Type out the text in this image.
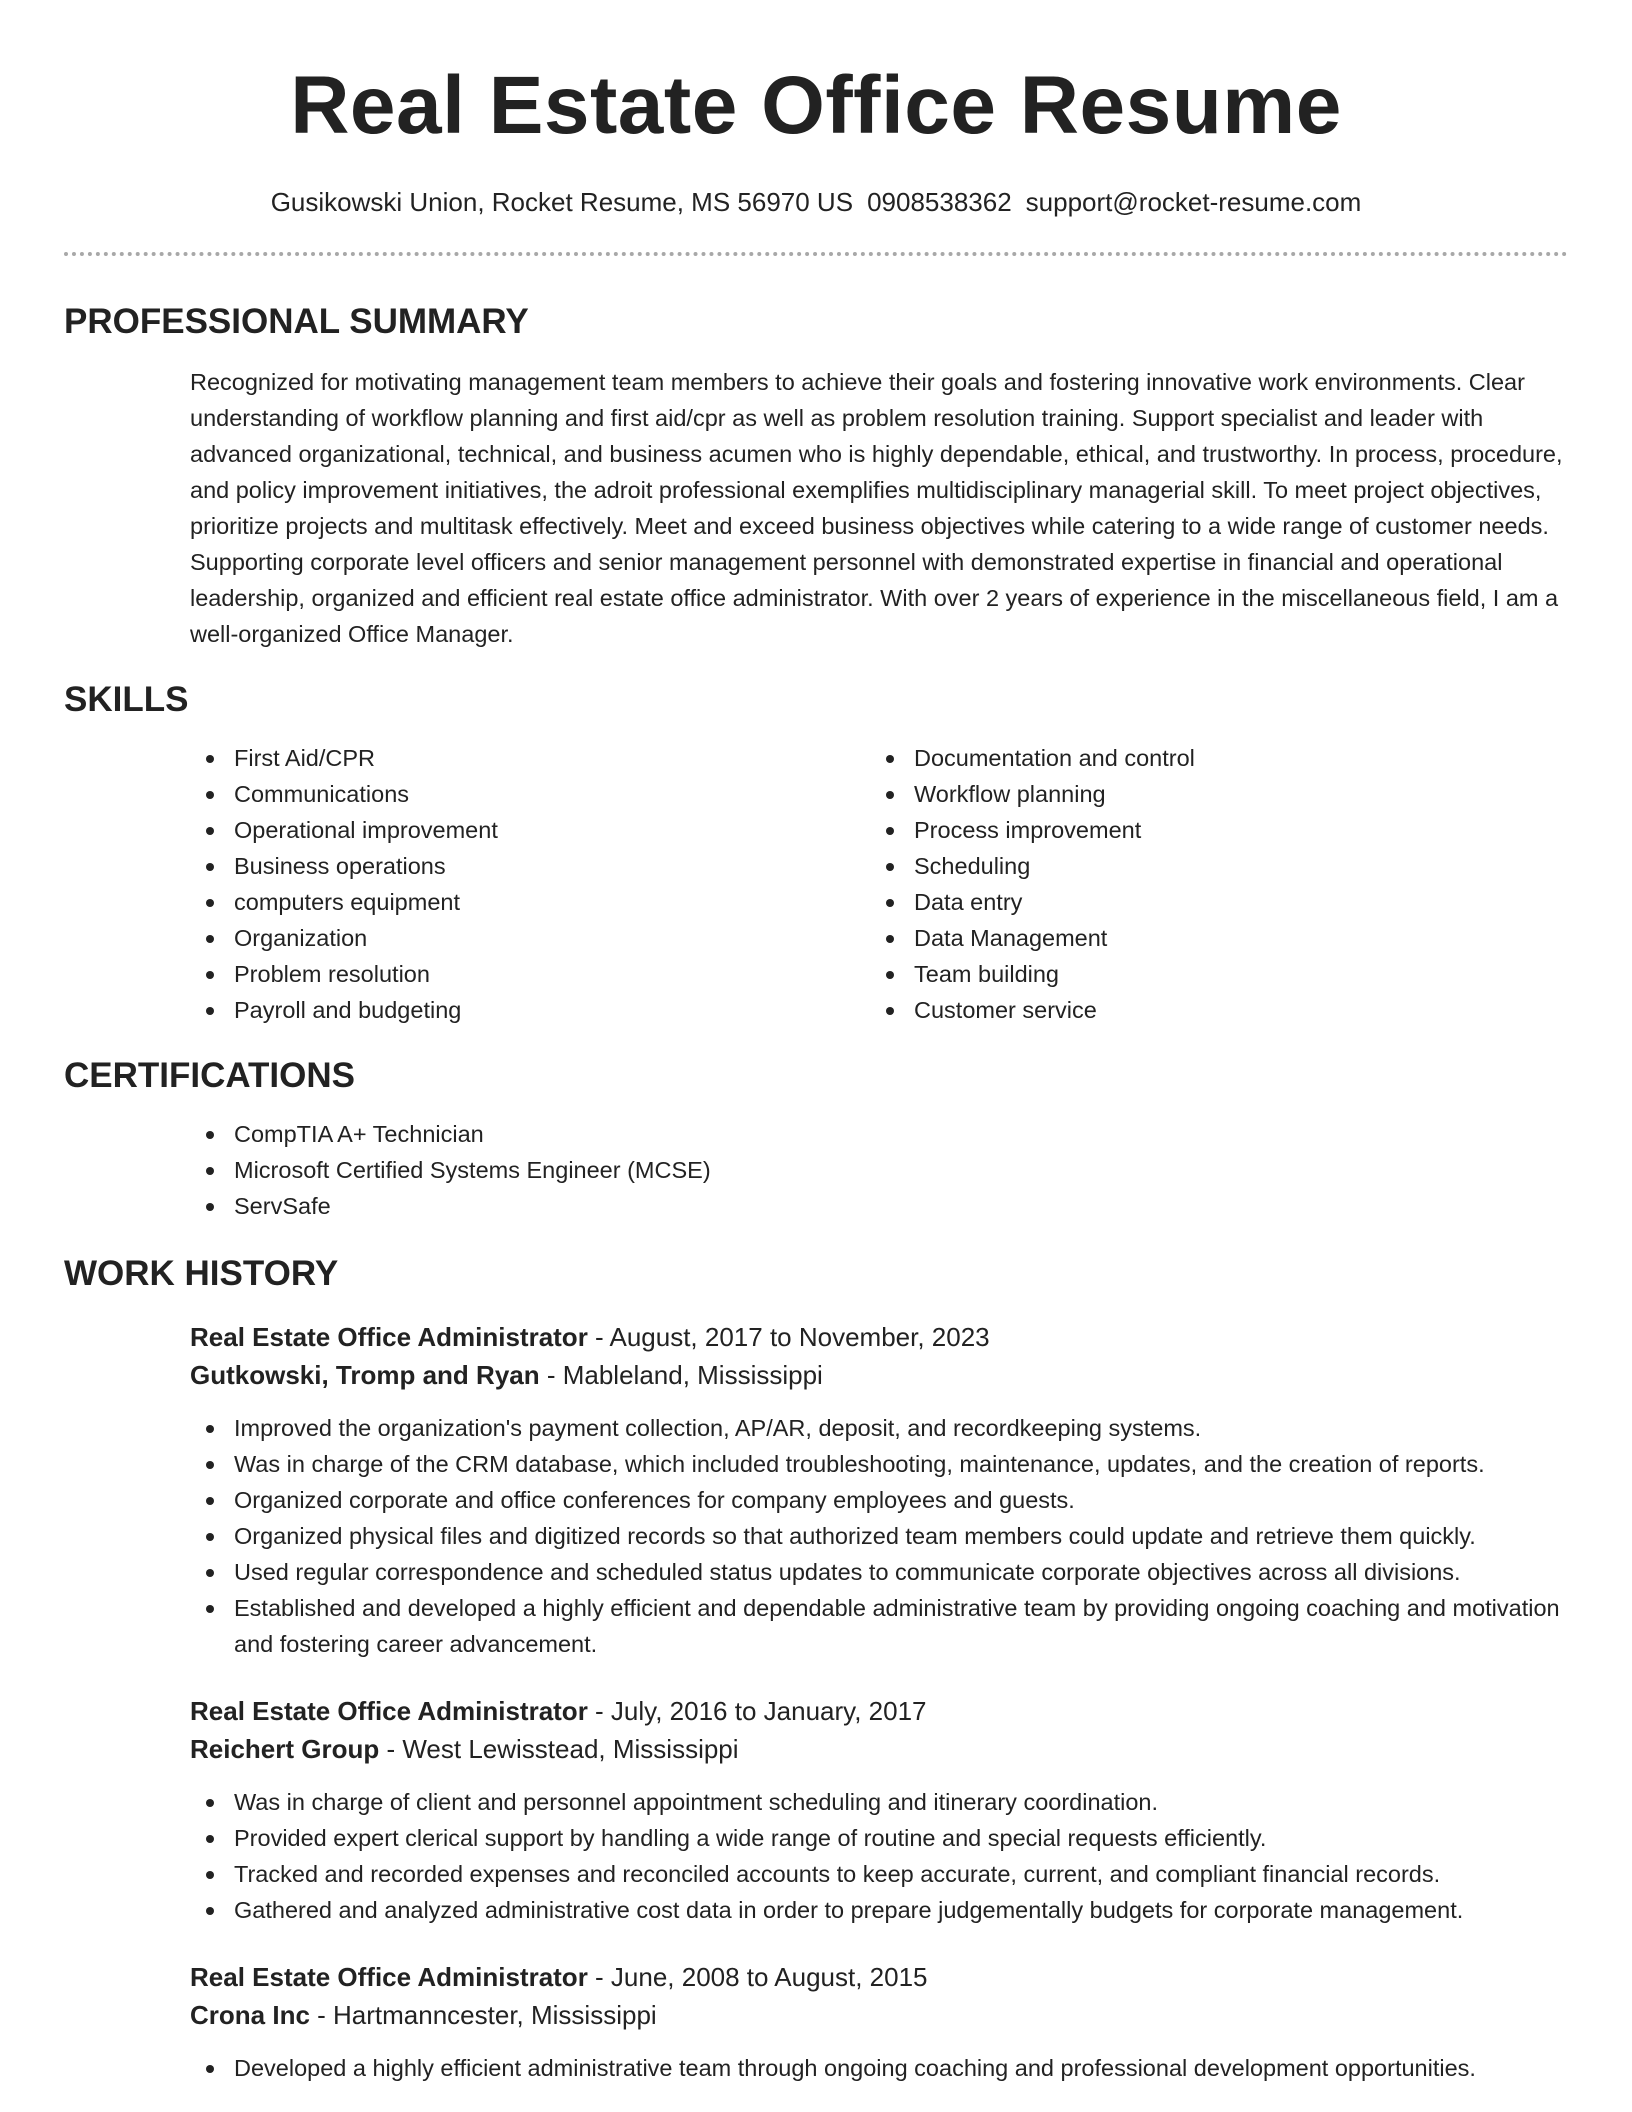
Real Estate Office Resume
Gusikowski Union, Rocket Resume, MS 56970 US 0908538362 support@rocket-resume.com
PROFESSIONAL SUMMARY

Recognized for motivating management team members to achieve their goals and fostering innovative work environments. Clear understanding of workflow planning and first aid/cpr as well as problem resolution training. Support specialist and leader with advanced organizational, technical, and business acumen who is highly dependable, ethical, and trustworthy. In process, procedure, and policy improvement initiatives, the adroit professional exemplifies multidisciplinary managerial skill. To meet project objectives, prioritize projects and multitask effectively. Meet and exceed business objectives while catering to a wide range of customer needs. Supporting corporate level officers and senior management personnel with demonstrated expertise in financial and operational leadership, organized and efficient real estate office administrator. With over 2 years of experience in the miscellaneous field, I am a well-organized Office Manager.

SKILLS
First Aid/CPR
Communications
Operational improvement
Business operations
computers equipment
Organization
Problem resolution
Payroll and budgeting
Documentation and control
Workflow planning
Process improvement
Scheduling
Data entry
Data Management
Team building
Customer service
CERTIFICATIONS
CompTIA A+ Technician
Microsoft Certified Systems Engineer (MCSE)
ServSafe
WORK HISTORY
Real Estate Office Administrator - August, 2017 to November, 2023
Gutkowski, Tromp and Ryan - Mableland, Mississippi
Improved the organization's payment collection, AP/AR, deposit, and recordkeeping systems.
Was in charge of the CRM database, which included troubleshooting, maintenance, updates, and the creation of reports.
Organized corporate and office conferences for company employees and guests.
Organized physical files and digitized records so that authorized team members could update and retrieve them quickly.
Used regular correspondence and scheduled status updates to communicate corporate objectives across all divisions.
Established and developed a highly efficient and dependable administrative team by providing ongoing coaching and motivation and fostering career advancement.
Real Estate Office Administrator - July, 2016 to January, 2017
Reichert Group - West Lewisstead, Mississippi
Was in charge of client and personnel appointment scheduling and itinerary coordination.
Provided expert clerical support by handling a wide range of routine and special requests efficiently.
Tracked and recorded expenses and reconciled accounts to keep accurate, current, and compliant financial records.
Gathered and analyzed administrative cost data in order to prepare judgementally budgets for corporate management.
Real Estate Office Administrator - June, 2008 to August, 2015
Crona Inc - Hartmanncester, Mississippi
Developed a highly efficient administrative team through ongoing coaching and professional development opportunities.
